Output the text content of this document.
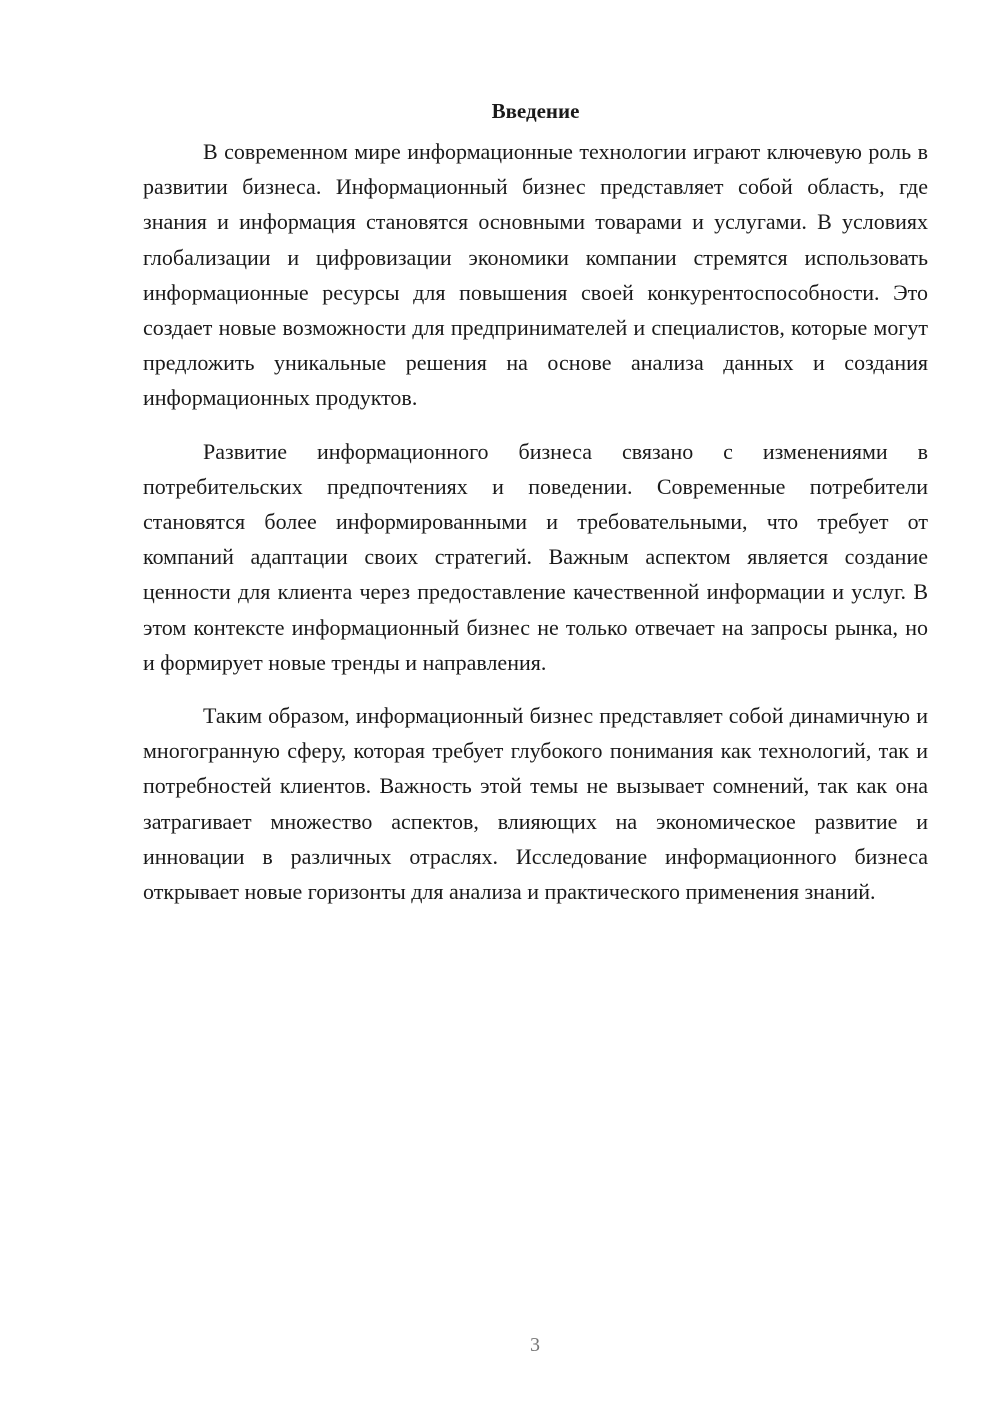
Введение

В современном мире информационные технологии играют ключевую роль в развитии бизнеса. Информационный бизнес представляет собой область, где знания и информация становятся основными товарами и услугами. В условиях глобализации и цифровизации экономики компании стремятся использовать информационные ресурсы для повышения своей конкурентоспособности. Это создает новые возможности для предпринимателей и специалистов, которые могут предложить уникальные решения на основе анализа данных и создания информационных продуктов.

Развитие информационного бизнеса связано с изменениями в потребительских предпочтениях и поведении. Современные потребители становятся более информированными и требовательными, что требует от компаний адаптации своих стратегий. Важным аспектом является создание ценности для клиента через предоставление качественной информации и услуг. В этом контексте информационный бизнес не только отвечает на запросы рынка, но и формирует новые тренды и направления.

Таким образом, информационный бизнес представляет собой динамичную и многогранную сферу, которая требует глубокого понимания как технологий, так и потребностей клиентов. Важность этой темы не вызывает сомнений, так как она затрагивает множество аспектов, влияющих на экономическое развитие и инновации в различных отраслях. Исследование информационного бизнеса открывает новые горизонты для анализа и практического применения знаний.

3
